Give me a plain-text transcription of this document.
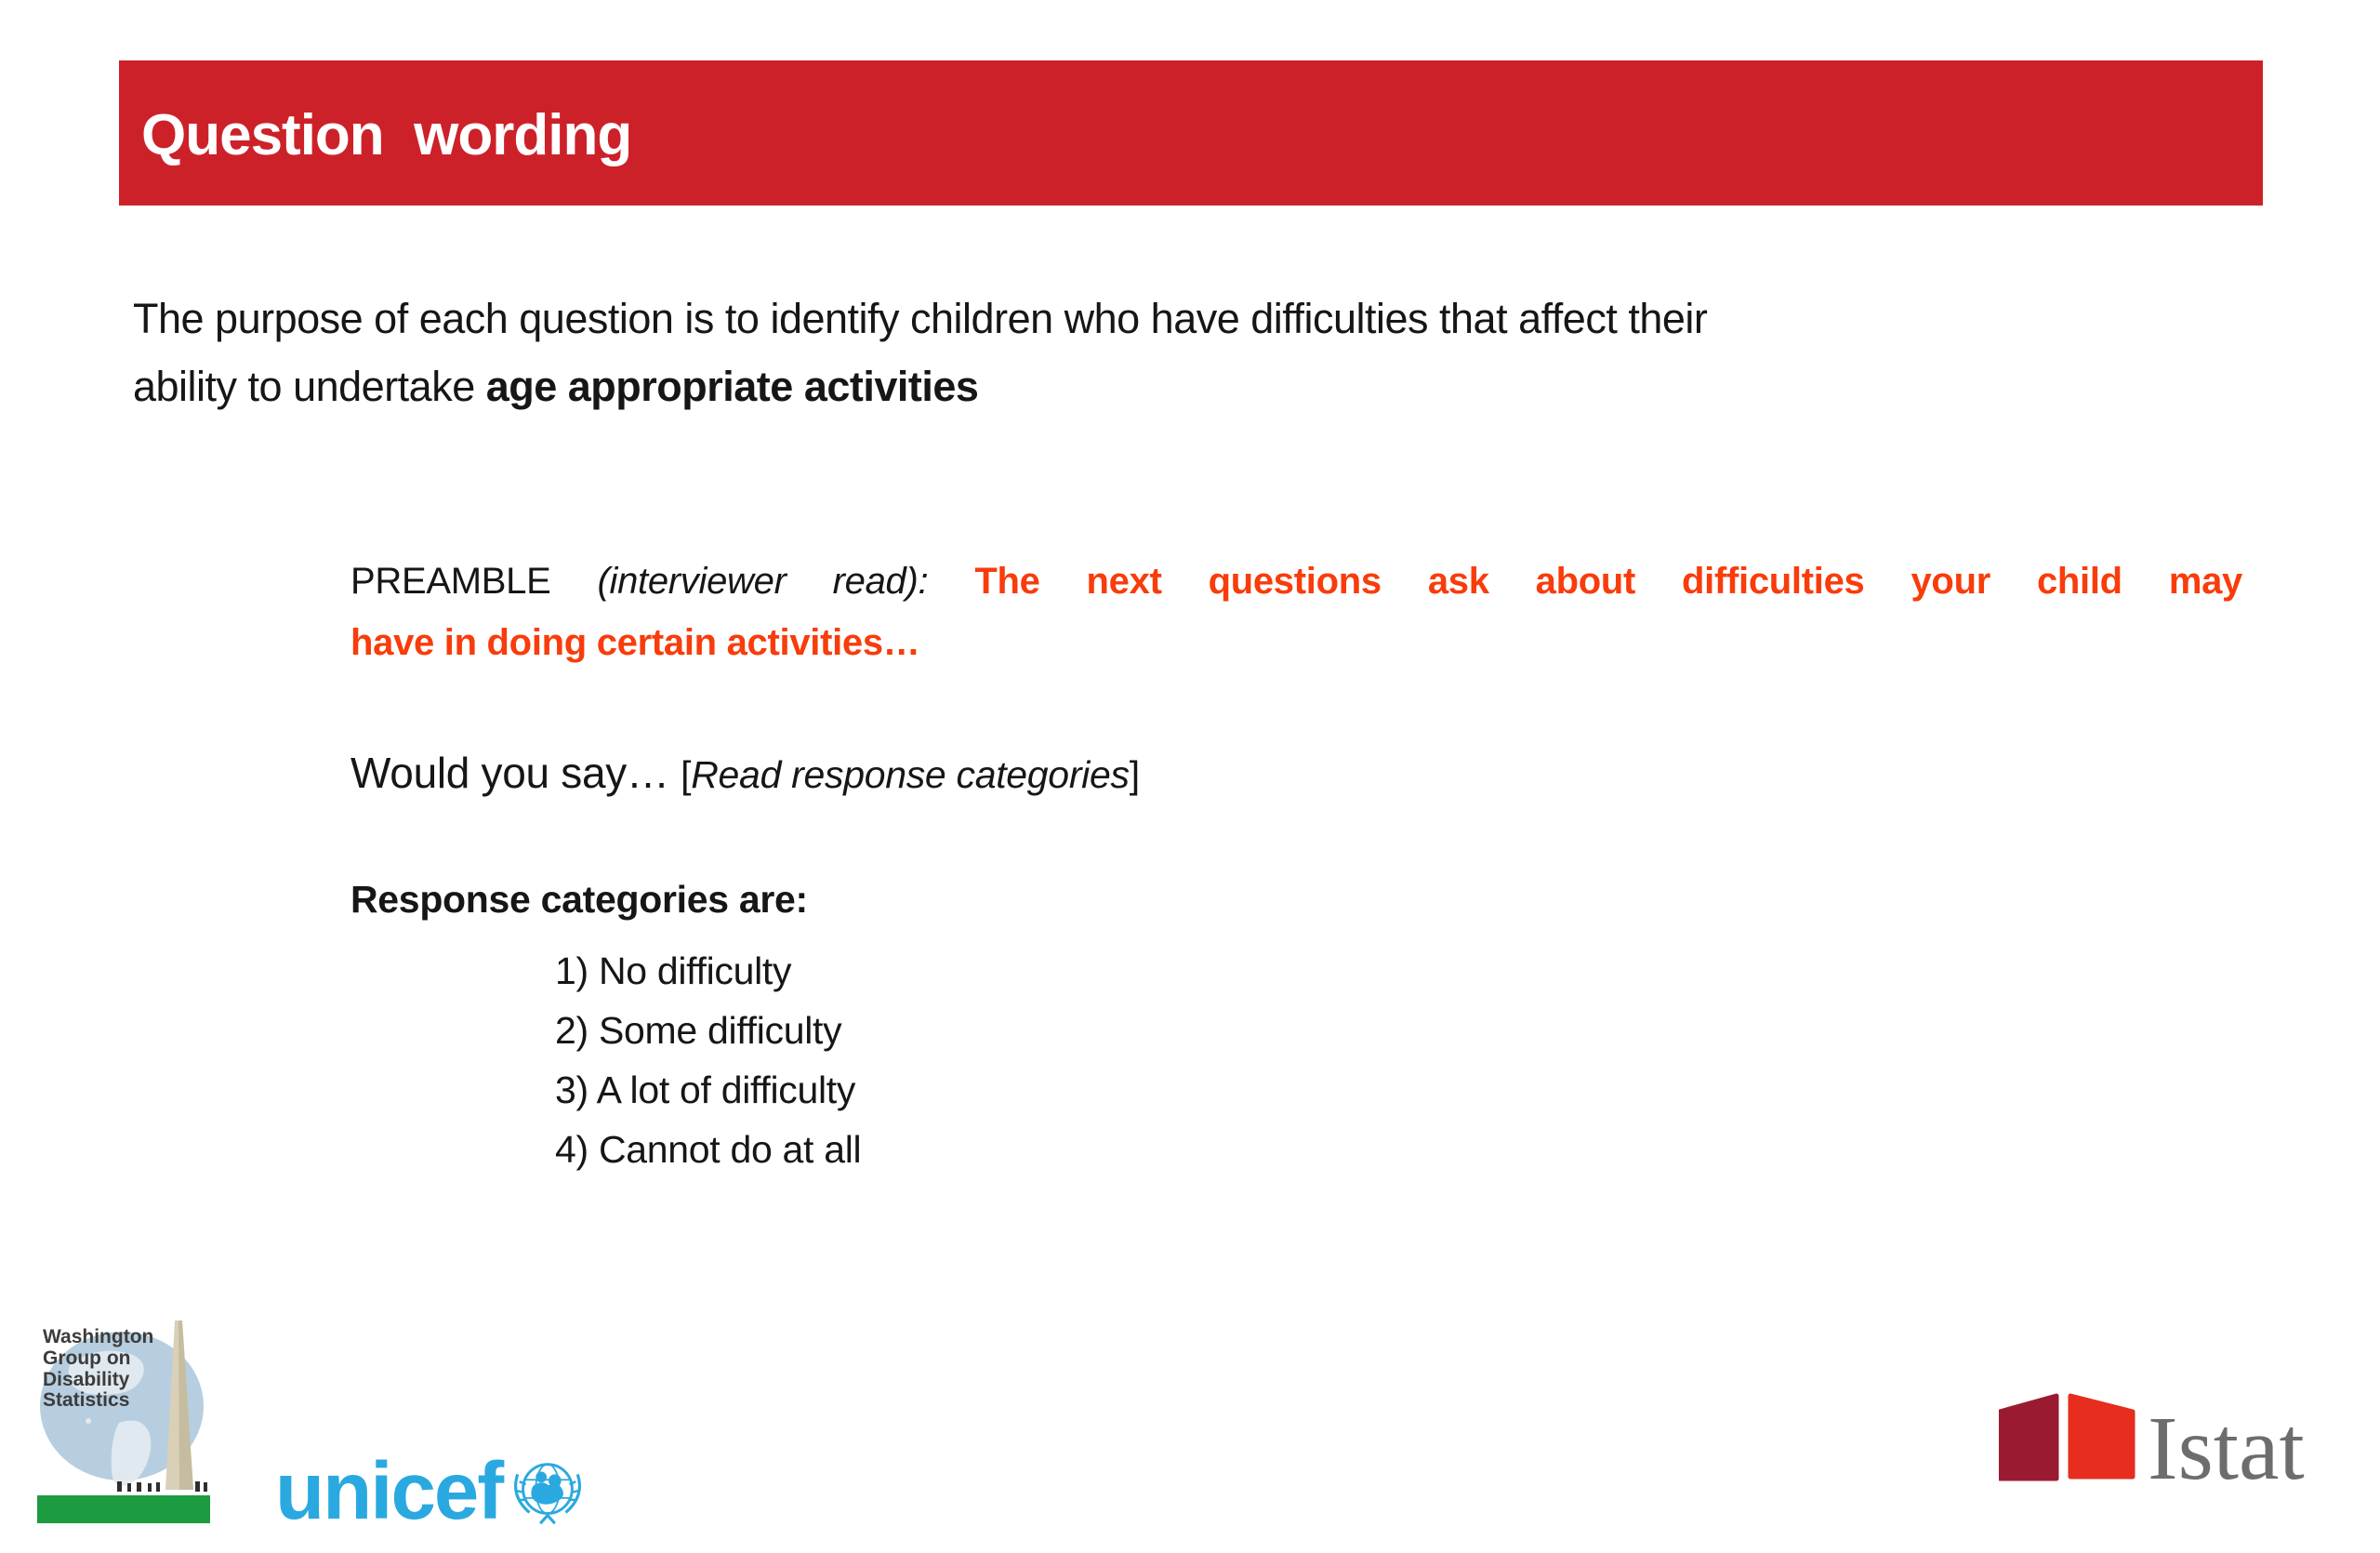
Question  wording
The purpose of each question is to identify children who have difficulties that affect their
ability to undertake age appropriate activities
PREAMBLE (interviewer read): The next questions ask about difficulties your child may
have in doing certain activities…
Would you say… [Read response categories]
Response categories are:
1) No difficulty
2) Some difficulty
3) A lot of difficulty
4) Cannot do at all
Washington
Group on
Disability
Statistics
unicef	Istat
